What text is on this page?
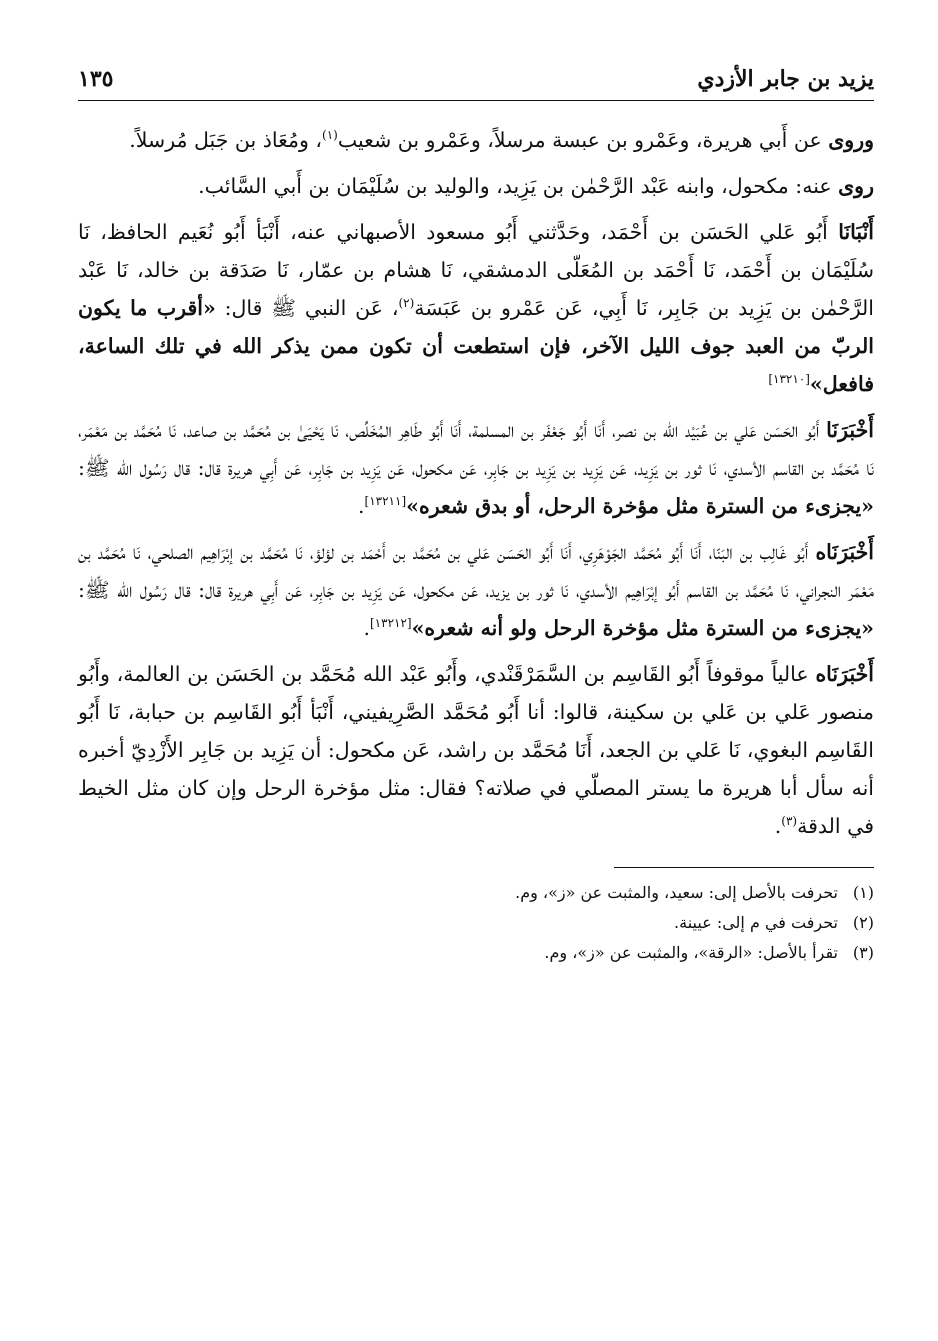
يزيد بن جابر الأزدي
١٣٥

وروى عن أَبي هريرة، وعَمْرو بن عبسة مرسلاً، وعَمْرو بن شعيب$^{(١)}$، ومُعَاذ بن جَبَل مُرسلاً.

روى عنه: مكحول، وابنه عَبْد الرَّحْمٰن بن يَزِيد، والوليد بن سُلَيْمَان بن أَبي السَّائب.

أَنْبَانَا أَبُو عَلي الحَسَن بن أَحْمَد، وحَدَّثني أَبُو مسعود الأصبهاني عنه، أَنْبَأ أَبُو نُعَيم الحافظ، نَا سُلَيْمَان بن أَحْمَد، نَا أَحْمَد بن المُعَلّى الدمشقي، نَا هشام بن عمّار، نَا صَدَقة بن خالد، نَا عَبْد الرَّحْمٰن بن يَزِيد بن جَابِر، نَا أَبِي، عَن عَمْرو بن عَبَسَة$^{(٢)}$، عَن النبي ﷺ قال: «أقرب ما يكون الربّ من العبد جوف الليل الآخر، فإن استطعت أن تكون ممن يذكر الله في تلك الساعة، فافعل»[١٣٢١٠]

أَخْبَرَنَا أَبُو الحَسَن عَلي بن عُبَيْد اللّه بن نصر، أَنَا أَبُو جَعْفَر بن المسلمة، أَنَا أَبُو طَاهِر المُخَلِّص، نَا يَحْيَىٰ بن مُحَمَّد بن صاعد، نَا مُحَمَّد بن مَعْمَر، نَا مُحَمَّد بن القاسم الأسدي، نَا ثور بن يَزِيد، عَن يَزِيد بن يَزِيد بن جَابِر، عَن مكحول، عَن يَزِيد بن جَابِر، عَن أَبِي هريرة قال: قال رَسُول الله ﷺ: «يجزىء من السترة مثل مؤخرة الرحل، أو بدق شعره»[١٣٢١١].

أَخْبَرَنَاه أَبُو غَالِب بن البَنّا، أَنَا أَبُو مُحَمَّد الجَوْهَرِي، أَنَا أَبُو الحَسَن عَلي بن مُحَمَّد بن أَحْمَد بن لؤلؤ، نَا مُحَمَّد بن إبْرَاهِيم الصلحي، نَا مُحَمَّد بن مَعْمَر النجراني، نَا مُحَمَّد بن القاسم أَبُو إبْرَاهِيم الأسدي، نَا ثور بن يزيد، عَن مكحول، عَن يَزِيد بن جَابِر، عَن أَبِي هريرة قال: قال رَسُول الله ﷺ: «يجزىء من السترة مثل مؤخرة الرحل ولو أنه شعره»[١٣٢١٢].

أَخْبَرَنَاه عالياً موقوفاً أَبُو القَاسِم بن السَّمَرْقَنْدي، وأَبُو عَبْد الله مُحَمَّد بن الحَسَن بن العالمة، وأَبُو منصور عَلي بن عَلي بن سكينة، قالوا: أنا أَبُو مُحَمَّد الصَّرِيفيني، أَنْبَأ أَبُو القَاسِم بن حبابة، نَا أَبُو القَاسِم البغوي، نَا عَلي بن الجعد، أَنَا مُحَمَّد بن راشد، عَن مكحول: أن يَزِيد بن جَابِر الأَزْدِيّ أخبره أنه سأل أبا هريرة ما يستر المصلّي في صلاته؟ فقال: مثل مؤخرة الرحل وإن كان مثل الخيط في الدقة$^{(٣)}$.

(١)تحرفت بالأصل إلى: سعيد، والمثبت عن «ز»، وم.

(٢)تحرفت في م إلى: عيينة.

(٣)تقرأ بالأصل: «الرقة»، والمثبت عن «ز»، وم.
